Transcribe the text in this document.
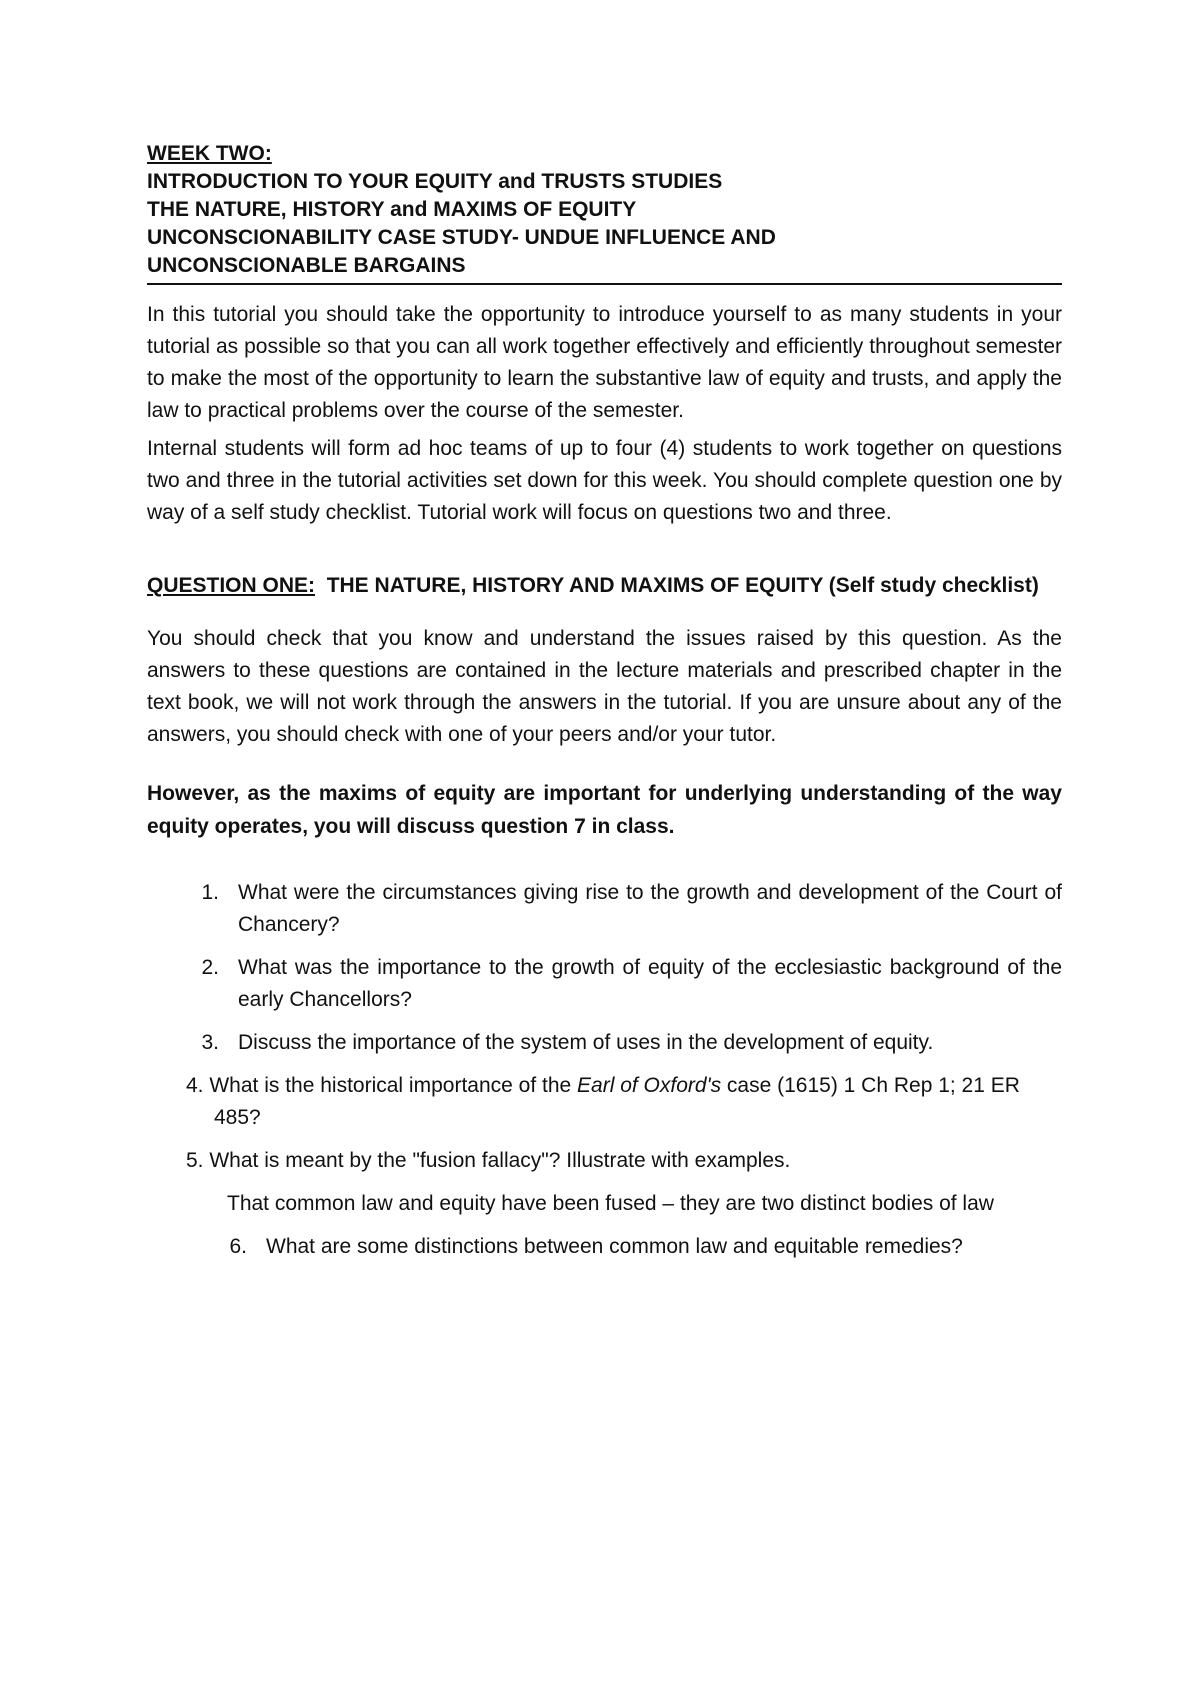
WEEK TWO:
INTRODUCTION TO YOUR EQUITY and TRUSTS STUDIES
THE NATURE, HISTORY and MAXIMS OF EQUITY
UNCONSCIONABILITY CASE STUDY- UNDUE INFLUENCE AND
UNCONSCIONABLE BARGAINS

In this tutorial you should take the opportunity to introduce yourself to as many students in your tutorial as possible so that you can all work together effectively and efficiently throughout semester to make the most of the opportunity to learn the substantive law of equity and trusts, and apply the law to practical problems over the course of the semester.

Internal students will form ad hoc teams of up to four (4) students to work together on questions two and three in the tutorial activities set down for this week. You should complete question one by way of a self study checklist. Tutorial work will focus on questions two and three.

QUESTION ONE: THE NATURE, HISTORY AND MAXIMS OF EQUITY (Self study checklist)

You should check that you know and understand the issues raised by this question. As the answers to these questions are contained in the lecture materials and prescribed chapter in the text book, we will not work through the answers in the tutorial. If you are unsure about any of the answers, you should check with one of your peers and/or your tutor.

However, as the maxims of equity are important for underlying understanding of the way equity operates, you will discuss question 7 in class.
1. What were the circumstances giving rise to the growth and development of the Court of Chancery?
2. What was the importance to the growth of equity of the ecclesiastic background of the early Chancellors?
3. Discuss the importance of the system of uses in the development of equity.
4. What is the historical importance of the Earl of Oxford's case (1615) 1 Ch Rep 1; 21 ER 485?
5. What is meant by the "fusion fallacy"? Illustrate with examples.
That common law and equity have been fused – they are two distinct bodies of law
6. What are some distinctions between common law and equitable remedies?
